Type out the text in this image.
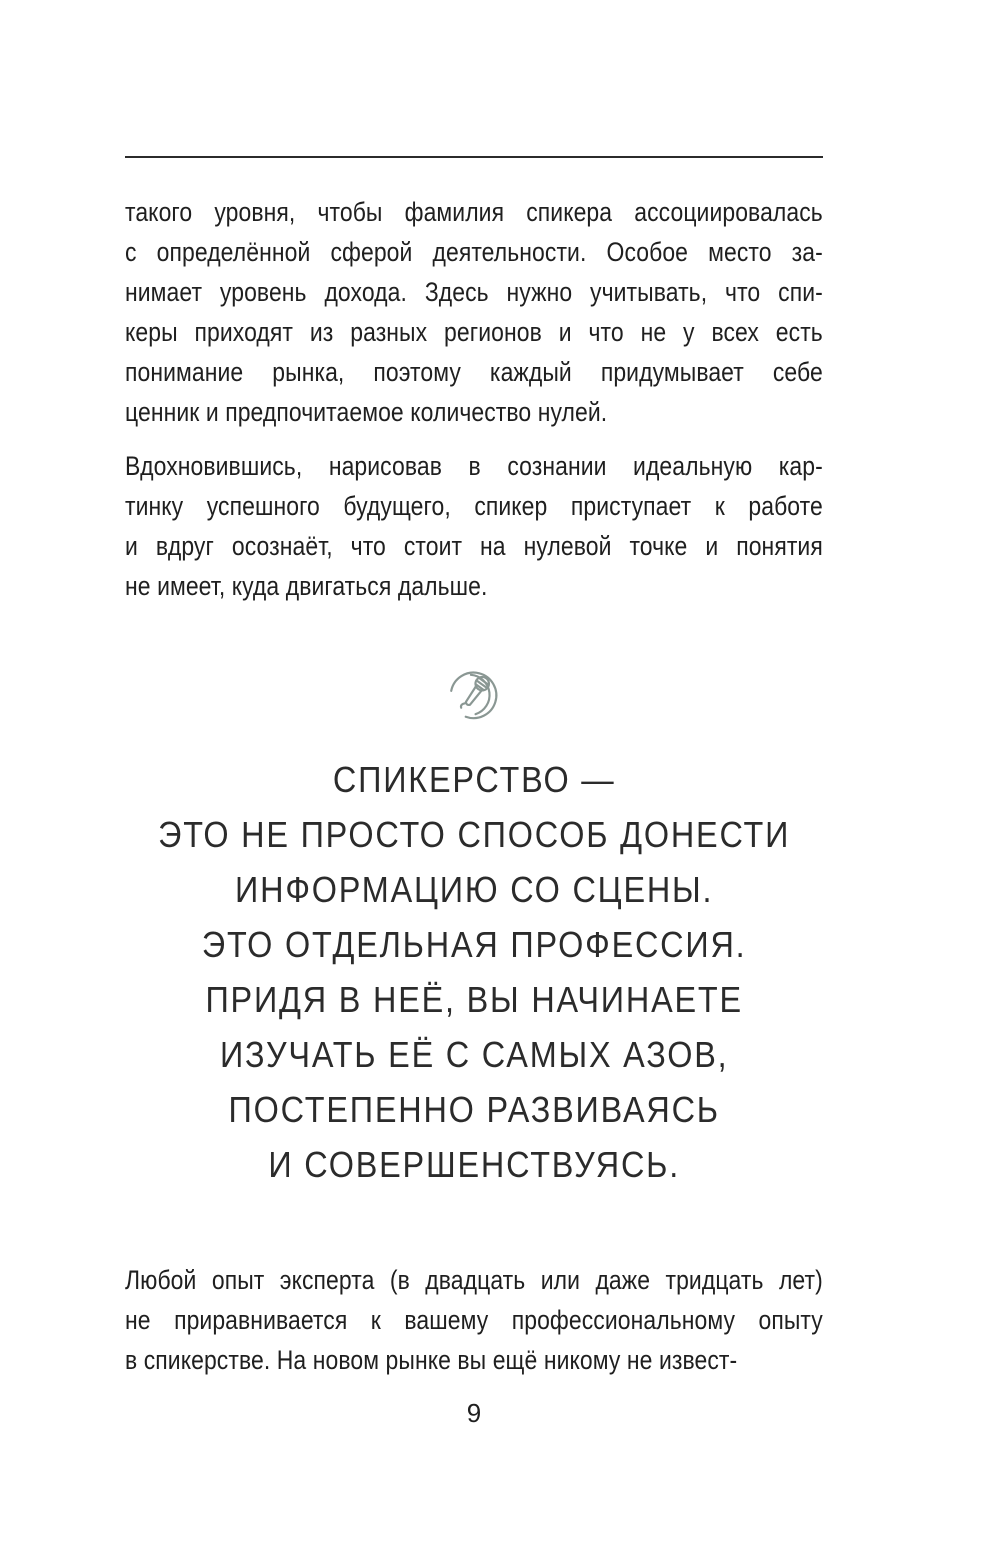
такого уровня, чтобы фамилия спикера ассоциировалась
с определённой сферой деятельности. Особое место за-
нимает уровень дохода. Здесь нужно учитывать, что спи-
керы приходят из разных регионов и что не у всех есть
понимание рынка, поэтому каждый придумывает себе
ценник и предпочитаемое количество нулей.
Вдохновившись, нарисовав в сознании идеальную кар-
тинку успешного будущего, спикер приступает к работе
и вдруг осознаёт, что стоит на нулевой точке и понятия
не имеет, куда двигаться дальше.
СПИКЕРСТВО —
ЭТО НЕ ПРОСТО СПОСОБ ДОНЕСТИ
ИНФОРМАЦИЮ СО СЦЕНЫ.
ЭТО ОТДЕЛЬНАЯ ПРОФЕССИЯ.
ПРИДЯ В НЕЁ, ВЫ НАЧИНАЕТЕ
ИЗУЧАТЬ ЕЁ С САМЫХ АЗОВ,
ПОСТЕПЕННО РАЗВИВАЯСЬ
И СОВЕРШЕНСТВУЯСЬ.
Любой опыт эксперта (в двадцать или даже тридцать лет)
не приравнивается к вашему профессиональному опыту
в спикерстве. На новом рынке вы ещё никому не извест-
9
